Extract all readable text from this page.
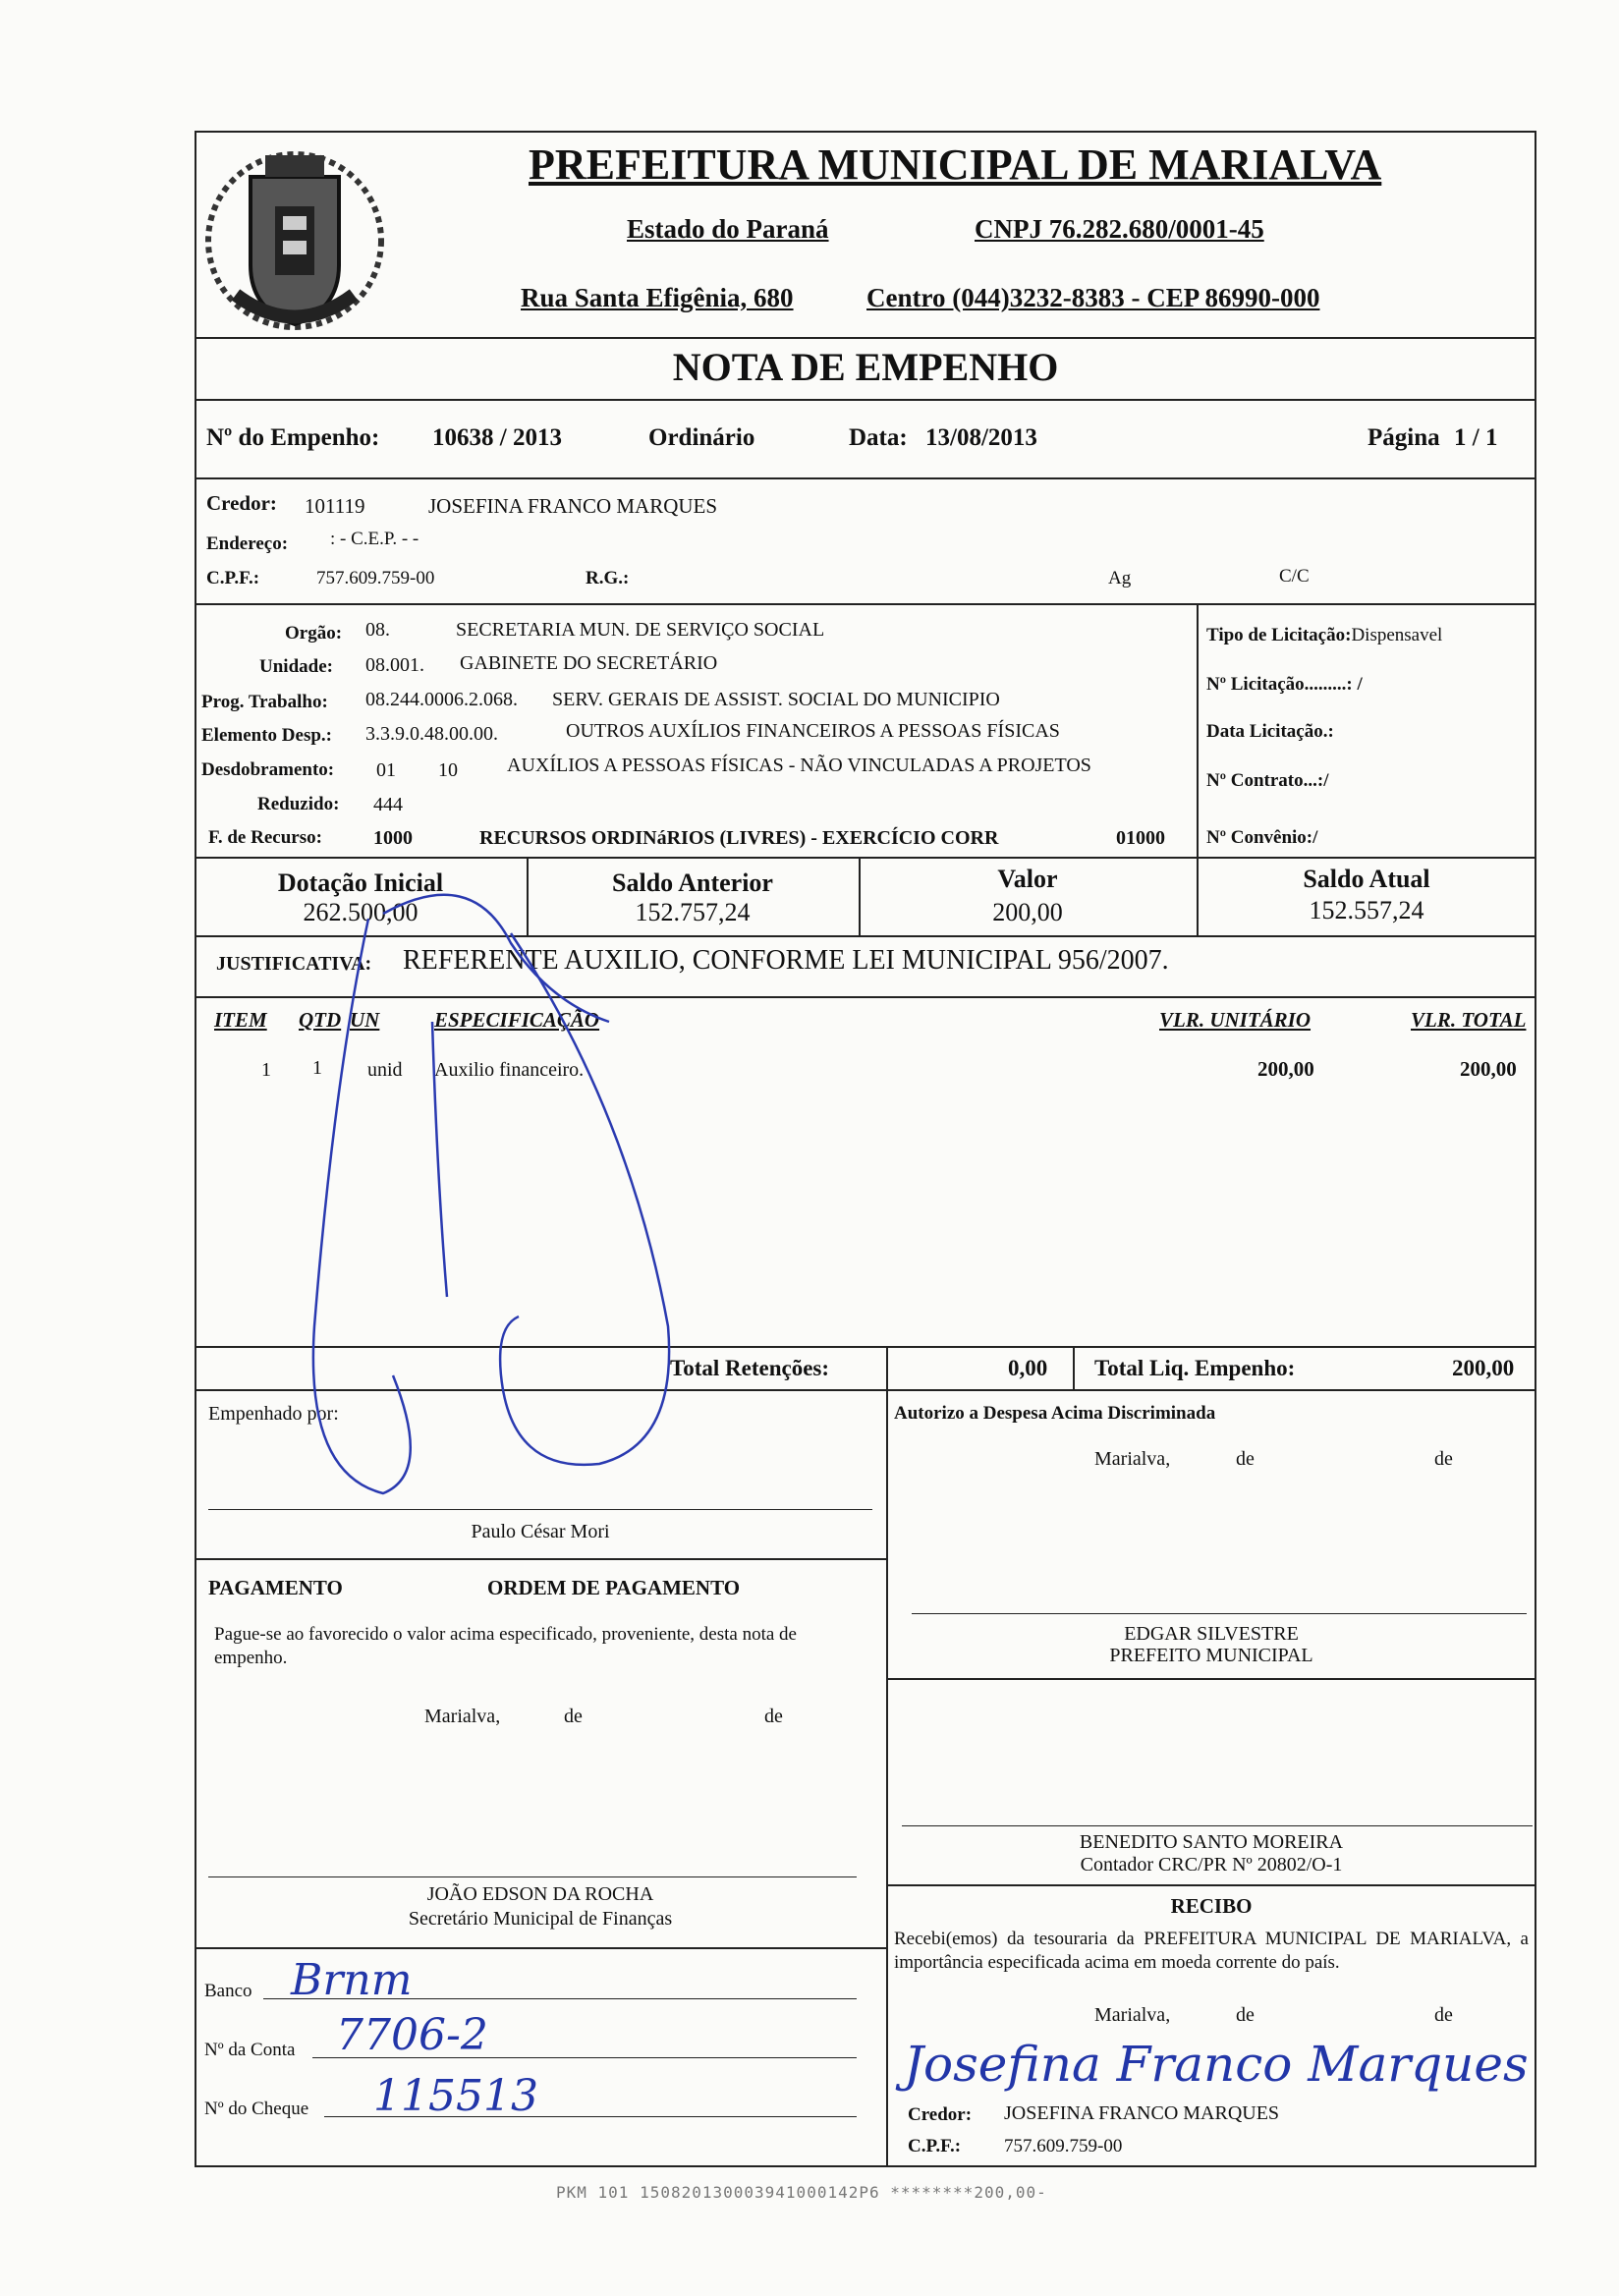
PREFEITURA MUNICIPAL DE MARIALVA
Estado do Paraná	CNPJ 76.282.680/0001-45
Rua Santa Efigênia, 680	Centro (044)3232-8383 - CEP 86990-000
NOTA DE EMPENHO
Nº do Empenho: 10638 / 2013	Ordinário	Data: 13/08/2013	Página 1 / 1
Credor: 101119	JOSEFINA FRANCO MARQUES
Endereço: : - C.E.P. - -
C.P.F.:	757.609.759-00	R.G.:	Ag	C/C
Orgão: 08.	SECRETARIA MUN. DE SERVIÇO SOCIAL
Unidade: 08.001. GABINETE DO SECRETÁRIO
Prog. Trabalho: 08.244.0006.2.068. SERV. GERAIS DE ASSIST. SOCIAL DO MUNICIPIO
Elemento Desp.: 3.3.9.0.48.00.00.	OUTROS AUXÍLIOS FINANCEIROS A PESSOAS FÍSICAS
Desdobramento: 01 10	AUXÍLIOS A PESSOAS FÍSICAS - NÃO VINCULADAS A PROJETOS
Reduzido: 444
F. de Recurso:	1000	RECURSOS ORDINáRIOS (LIVRES) - EXERCÍCIO CORR	01000
Tipo de Licitação:Dispensavel
Nº Licitação.........: /
Data Licitação.:
Nº Contrato...:/
Nº Convênio:/
Dotação Inicial
262.500,00
Saldo Anterior
152.757,24
Valor
200,00
Saldo Atual
152.557,24
JUSTIFICATIVA: REFERENTE AUXILIO, CONFORME LEI MUNICIPAL 956/2007.
ITEM QTD UN	ESPECIFICAÇÃO	VLR. UNITÁRIO	VLR. TOTAL
1 1 unid Auxilio financeiro.	200,00	200,00
Total Retenções:	0,00 Total Liq. Empenho:	200,00
Empenhado por:
Paulo César Mori
Autorizo a Despesa Acima Discriminada
Marialva,	de	de
EDGAR SILVESTRE
PREFEITO MUNICIPAL
BENEDITO SANTO MOREIRA
Contador CRC/PR Nº 20802/O-1
PAGAMENTO	ORDEM DE PAGAMENTO
Pague-se ao favorecido o valor acima especificado, proveniente, desta nota de empenho.
Marialva,	de	de
JOÃO EDSON DA ROCHA
Secretário Municipal de Finanças
Banco Brnm
Nº da Conta 7706-2
Nº do Cheque 115513
RECIBO
Recebi(emos) da tesouraria da PREFEITURA MUNICIPAL DE MARIALVA, a importância especificada acima em moeda corrente do país.
Marialva,	de	de
Josefina Franco Marques
Credor: JOSEFINA FRANCO MARQUES
C.P.F.: 757.609.759-00
PKM 101 150820130003941000142P6 ********200,00-
